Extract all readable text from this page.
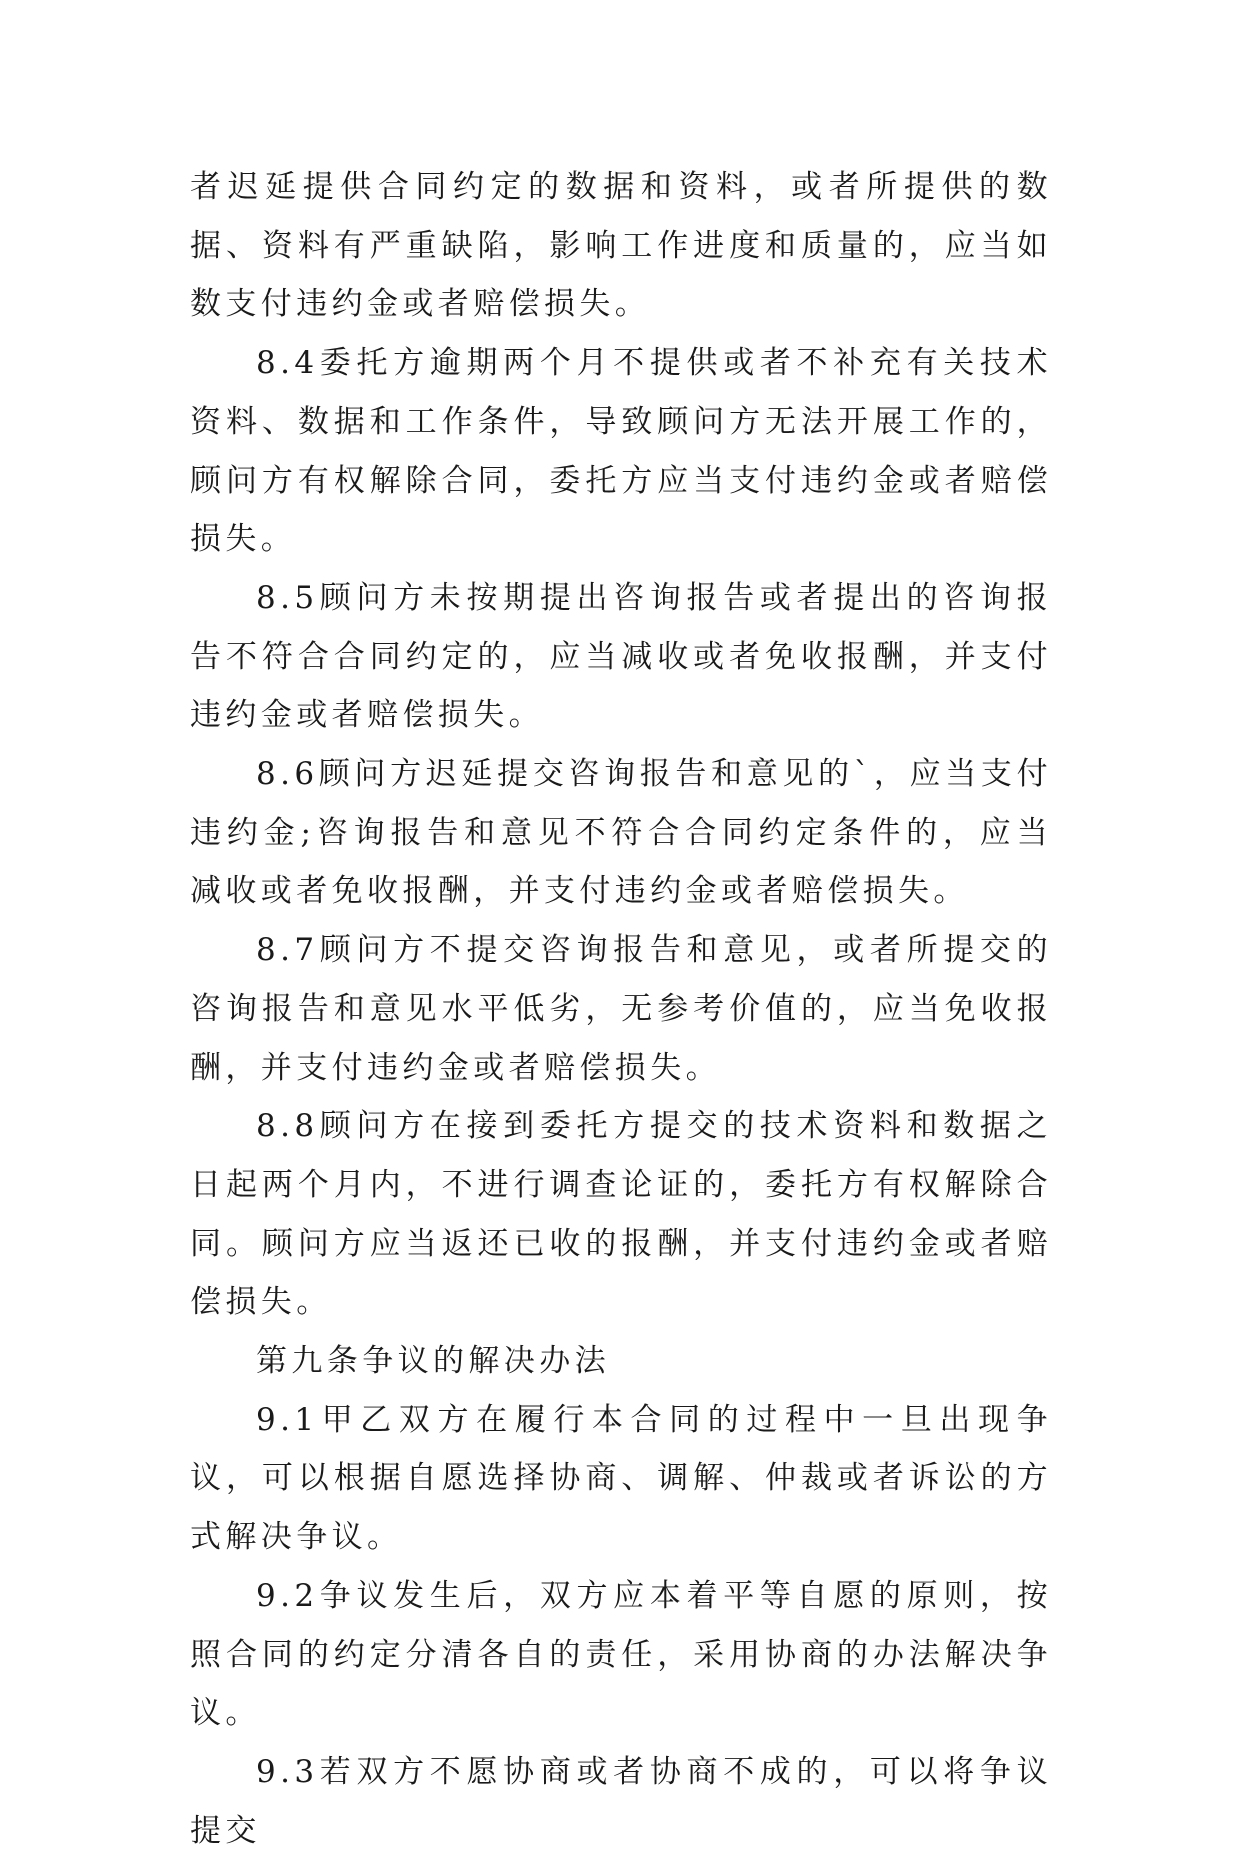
者迟延提供合同约定的数据和资料，或者所提供的数据、资料有严重缺陷，影响工作进度和质量的，应当如数支付违约金或者赔偿损失。

8.4委托方逾期两个月不提供或者不补充有关技术资料、数据和工作条件，导致顾问方无法开展工作的，顾问方有权解除合同，委托方应当支付违约金或者赔偿损失。

8.5顾问方未按期提出咨询报告或者提出的咨询报告不符合合同约定的，应当减收或者免收报酬，并支付违约金或者赔偿损失。

8.6顾问方迟延提交咨询报告和意见的`，应当支付违约金;咨询报告和意见不符合合同约定条件的，应当减收或者免收报酬，并支付违约金或者赔偿损失。

8.7顾问方不提交咨询报告和意见，或者所提交的咨询报告和意见水平低劣，无参考价值的，应当免收报酬，并支付违约金或者赔偿损失。

8.8顾问方在接到委托方提交的技术资料和数据之日起两个月内，不进行调查论证的，委托方有权解除合同。顾问方应当返还已收的报酬，并支付违约金或者赔偿损失。

第九条争议的解决办法

9.1甲乙双方在履行本合同的过程中一旦出现争议，可以根据自愿选择协商、调解、仲裁或者诉讼的方式解决争议。

9.2争议发生后，双方应本着平等自愿的原则，按照合同的约定分清各自的责任，采用协商的办法解决争议。

9.3若双方不愿协商或者协商不成的，可以将争议提交
